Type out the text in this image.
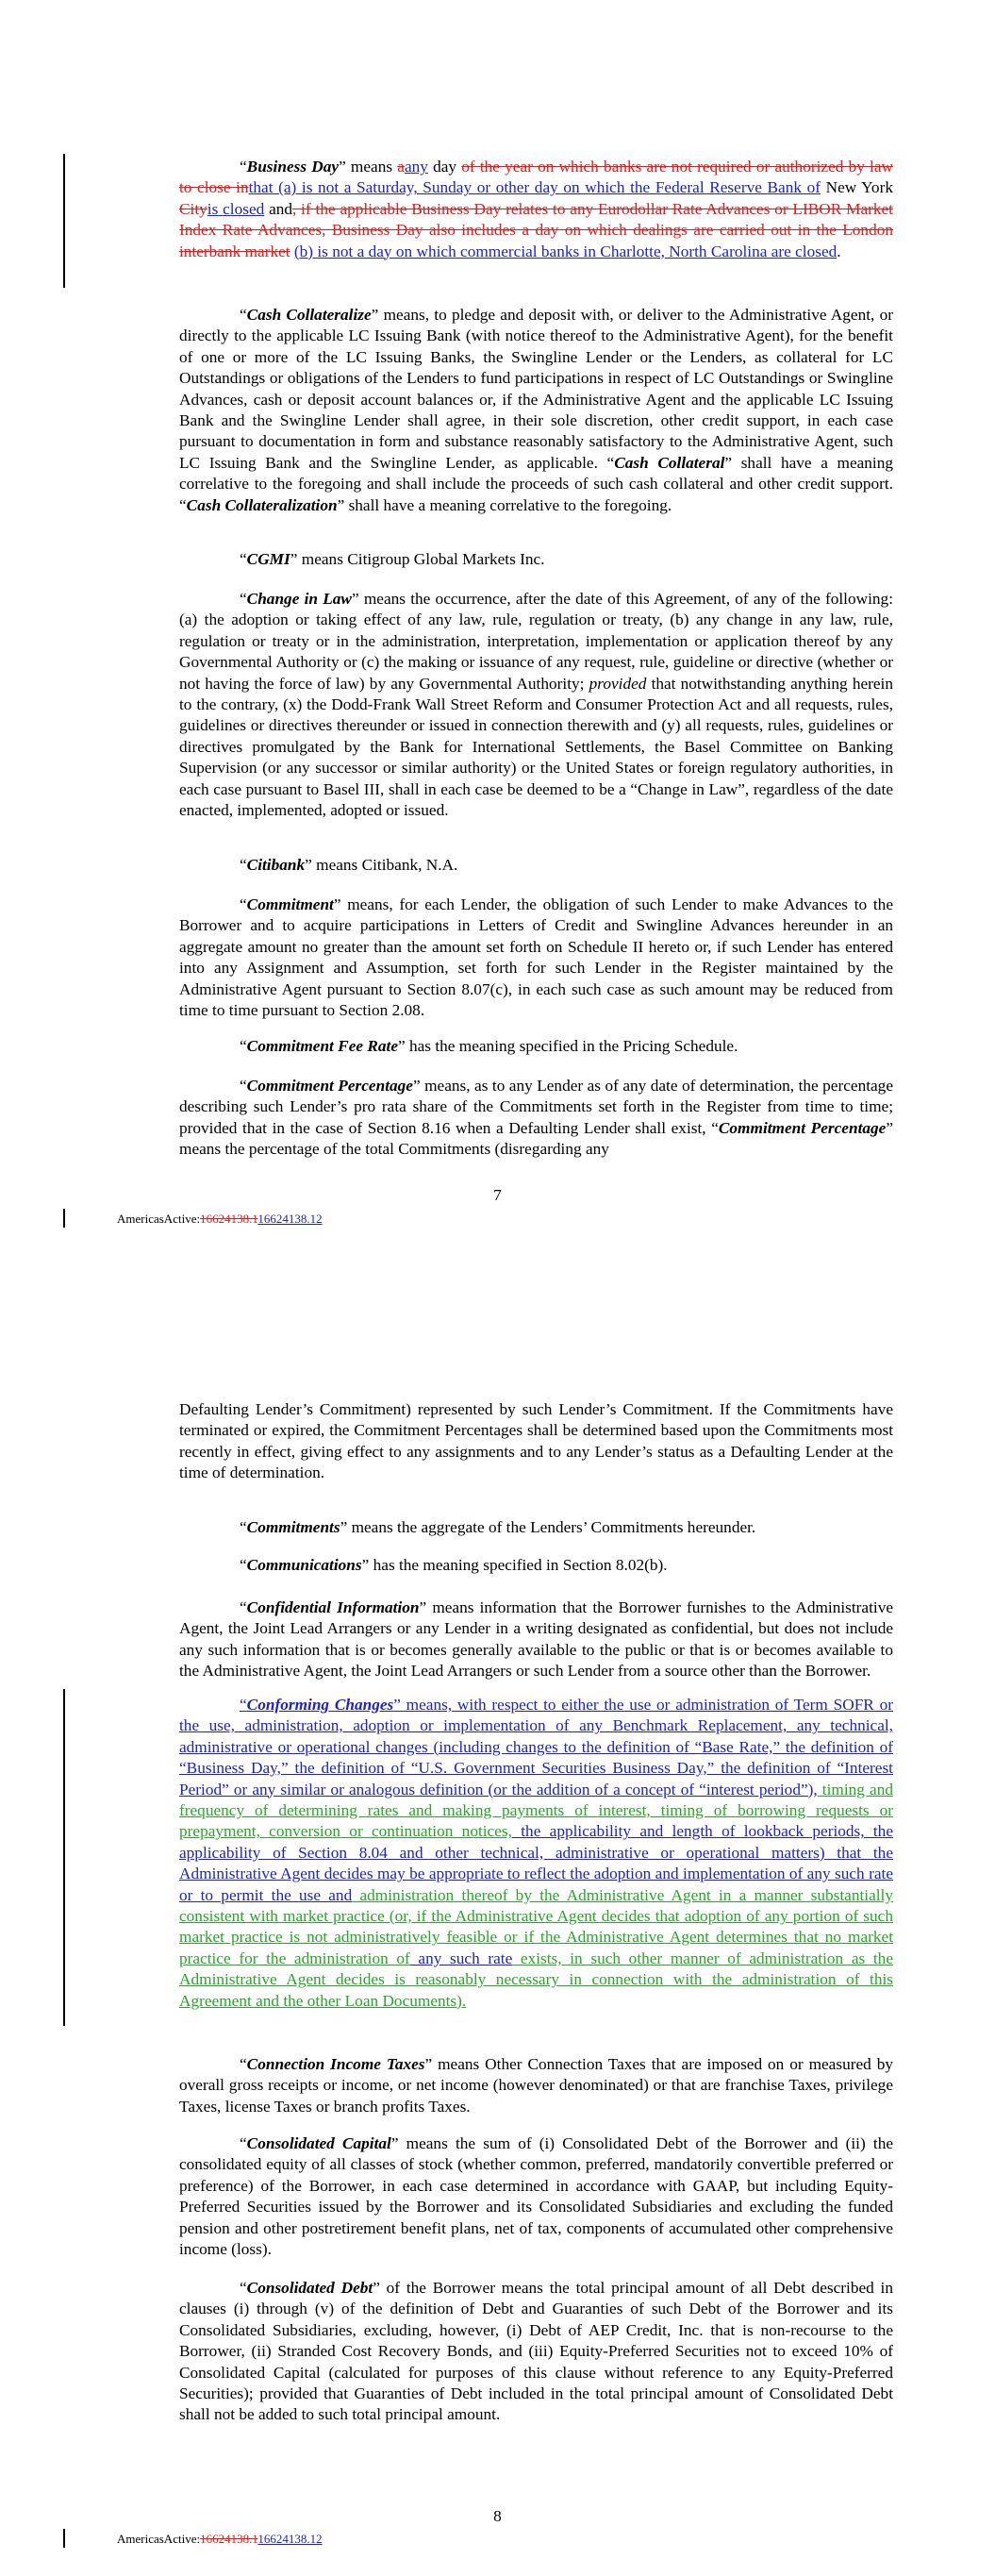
“Business Day” means aany day of the year on which banks are not required or authorized by law to close inthat (a) is not a Saturday, Sunday or other day on which the Federal Reserve Bank of New York Cityis closed and, if the applicable Business Day relates to any Eurodollar Rate Advances or LIBOR Market Index Rate Advances, Business Day also includes a day on which dealings are carried out in the London interbank market (b) is not a day on which commercial banks in Charlotte, North Carolina are closed.

“Cash Collateralize” means, to pledge and deposit with, or deliver to the Administrative Agent, or directly to the applicable LC Issuing Bank (with notice thereof to the Administrative Agent), for the benefit of one or more of the LC Issuing Banks, the Swingline Lender or the Lenders, as collateral for LC Outstandings or obligations of the Lenders to fund participations in respect of LC Outstandings or Swingline Advances, cash or deposit account balances or, if the Administrative Agent and the applicable LC Issuing Bank and the Swingline Lender shall agree, in their sole discretion, other credit support, in each case pursuant to documentation in form and substance reasonably satisfactory to the Administrative Agent, such LC Issuing Bank and the Swingline Lender, as applicable. “Cash Collateral” shall have a meaning correlative to the foregoing and shall include the proceeds of such cash collateral and other credit support. “Cash Collateralization” shall have a meaning correlative to the foregoing.

“CGMI” means Citigroup Global Markets Inc.

“Change in Law” means the occurrence, after the date of this Agreement, of any of the following: (a) the adoption or taking effect of any law, rule, regulation or treaty, (b) any change in any law, rule, regulation or treaty or in the administration, interpretation, implementation or application thereof by any Governmental Authority or (c) the making or issuance of any request, rule, guideline or directive (whether or not having the force of law) by any Governmental Authority; provided that notwithstanding anything herein to the contrary, (x) the Dodd-Frank Wall Street Reform and Consumer Protection Act and all requests, rules, guidelines or directives thereunder or issued in connection therewith and (y) all requests, rules, guidelines or directives promulgated by the Bank for International Settlements, the Basel Committee on Banking Supervision (or any successor or similar authority) or the United States or foreign regulatory authorities, in each case pursuant to Basel III, shall in each case be deemed to be a “Change in Law”, regardless of the date enacted, implemented, adopted or issued.

“Citibank” means Citibank, N.A.

“Commitment” means, for each Lender, the obligation of such Lender to make Advances to the Borrower and to acquire participations in Letters of Credit and Swingline Advances hereunder in an aggregate amount no greater than the amount set forth on Schedule II hereto or, if such Lender has entered into any Assignment and Assumption, set forth for such Lender in the Register maintained by the Administrative Agent pursuant to Section 8.07(c), in each such case as such amount may be reduced from time to time pursuant to Section 2.08.

“Commitment Fee Rate” has the meaning specified in the Pricing Schedule.

“Commitment Percentage” means, as to any Lender as of any date of determination, the percentage describing such Lender’s pro rata share of the Commitments set forth in the Register from time to time; provided that in the case of Section 8.16 when a Defaulting Lender shall exist, “Commitment Percentage” means the percentage of the total Commitments (disregarding any

7
AmericasActive:16624138.116624138.12

Defaulting Lender’s Commitment) represented by such Lender’s Commitment. If the Commitments have terminated or expired, the Commitment Percentages shall be determined based upon the Commitments most recently in effect, giving effect to any assignments and to any Lender’s status as a Defaulting Lender at the time of determination.

“Commitments” means the aggregate of the Lenders’ Commitments hereunder.

“Communications” has the meaning specified in Section 8.02(b).

“Confidential Information” means information that the Borrower furnishes to the Administrative Agent, the Joint Lead Arrangers or any Lender in a writing designated as confidential, but does not include any such information that is or becomes generally available to the public or that is or becomes available to the Administrative Agent, the Joint Lead Arrangers or such Lender from a source other than the Borrower.

“Conforming Changes” means, with respect to either the use or administration of Term SOFR or the use, administration, adoption or implementation of any Benchmark Replacement, any technical, administrative or operational changes (including changes to the definition of “Base Rate,” the definition of “Business Day,” the definition of “U.S. Government Securities Business Day,” the definition of “Interest Period” or any similar or analogous definition (or the addition of a concept of “interest period”), timing and frequency of determining rates and making payments of interest, timing of borrowing requests or prepayment, conversion or continuation notices, the applicability and length of lookback periods, the applicability of Section 8.04 and other technical, administrative or operational matters) that the Administrative Agent decides may be appropriate to reflect the adoption and implementation of any such rate or to permit the use and administration thereof by the Administrative Agent in a manner substantially consistent with market practice (or, if the Administrative Agent decides that adoption of any portion of such market practice is not administratively feasible or if the Administrative Agent determines that no market practice for the administration of any such rate exists, in such other manner of administration as the Administrative Agent decides is reasonably necessary in connection with the administration of this Agreement and the other Loan Documents).

“Connection Income Taxes” means Other Connection Taxes that are imposed on or measured by overall gross receipts or income, or net income (however denominated) or that are franchise Taxes, privilege Taxes, license Taxes or branch profits Taxes.

“Consolidated Capital” means the sum of (i) Consolidated Debt of the Borrower and (ii) the consolidated equity of all classes of stock (whether common, preferred, mandatorily convertible preferred or preference) of the Borrower, in each case determined in accordance with GAAP, but including Equity-Preferred Securities issued by the Borrower and its Consolidated Subsidiaries and excluding the funded pension and other postretirement benefit plans, net of tax, components of accumulated other comprehensive income (loss).

“Consolidated Debt” of the Borrower means the total principal amount of all Debt described in clauses (i) through (v) of the definition of Debt and Guaranties of such Debt of the Borrower and its Consolidated Subsidiaries, excluding, however, (i) Debt of AEP Credit, Inc. that is non-recourse to the Borrower, (ii) Stranded Cost Recovery Bonds, and (iii) Equity-Preferred Securities not to exceed 10% of Consolidated Capital (calculated for purposes of this clause without reference to any Equity-Preferred Securities); provided that Guaranties of Debt included in the total principal amount of Consolidated Debt shall not be added to such total principal amount.

8
AmericasActive:16624138.116624138.12
